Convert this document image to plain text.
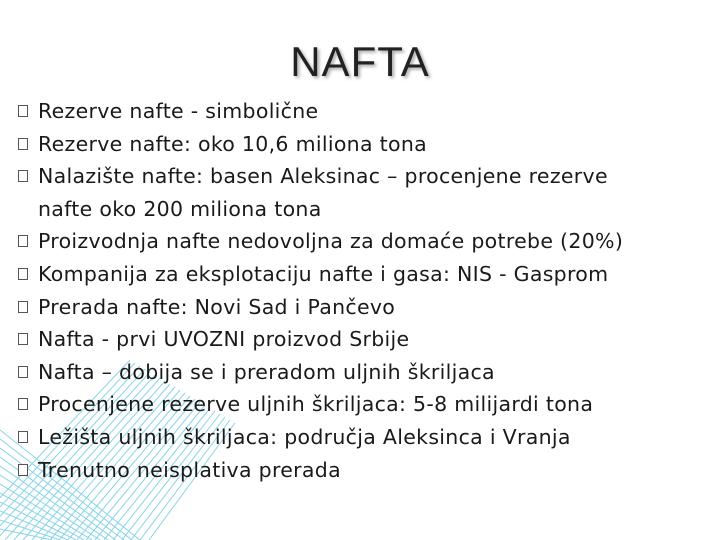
NAFTA
Rezerve nafte - simbolične
Rezerve nafte: oko 10,6 miliona tona
Nalazište nafte: basen Aleksinac – procenjene rezerve
nafte oko 200 miliona tona
Proizvodnja nafte nedovoljna za domaće potrebe (20%)
Kompanija za eksplotaciju nafte i gasa: NIS - Gasprom
Prerada nafte: Novi Sad i Pančevo
Nafta - prvi UVOZNI proizvod Srbije
Nafta – dobija se i preradom uljnih škriljaca
Procenjene rezerve uljnih škriljaca: 5-8 milijardi tona
Ležišta uljnih škriljaca: područja Aleksinca i Vranja
Trenutno neisplativa prerada
